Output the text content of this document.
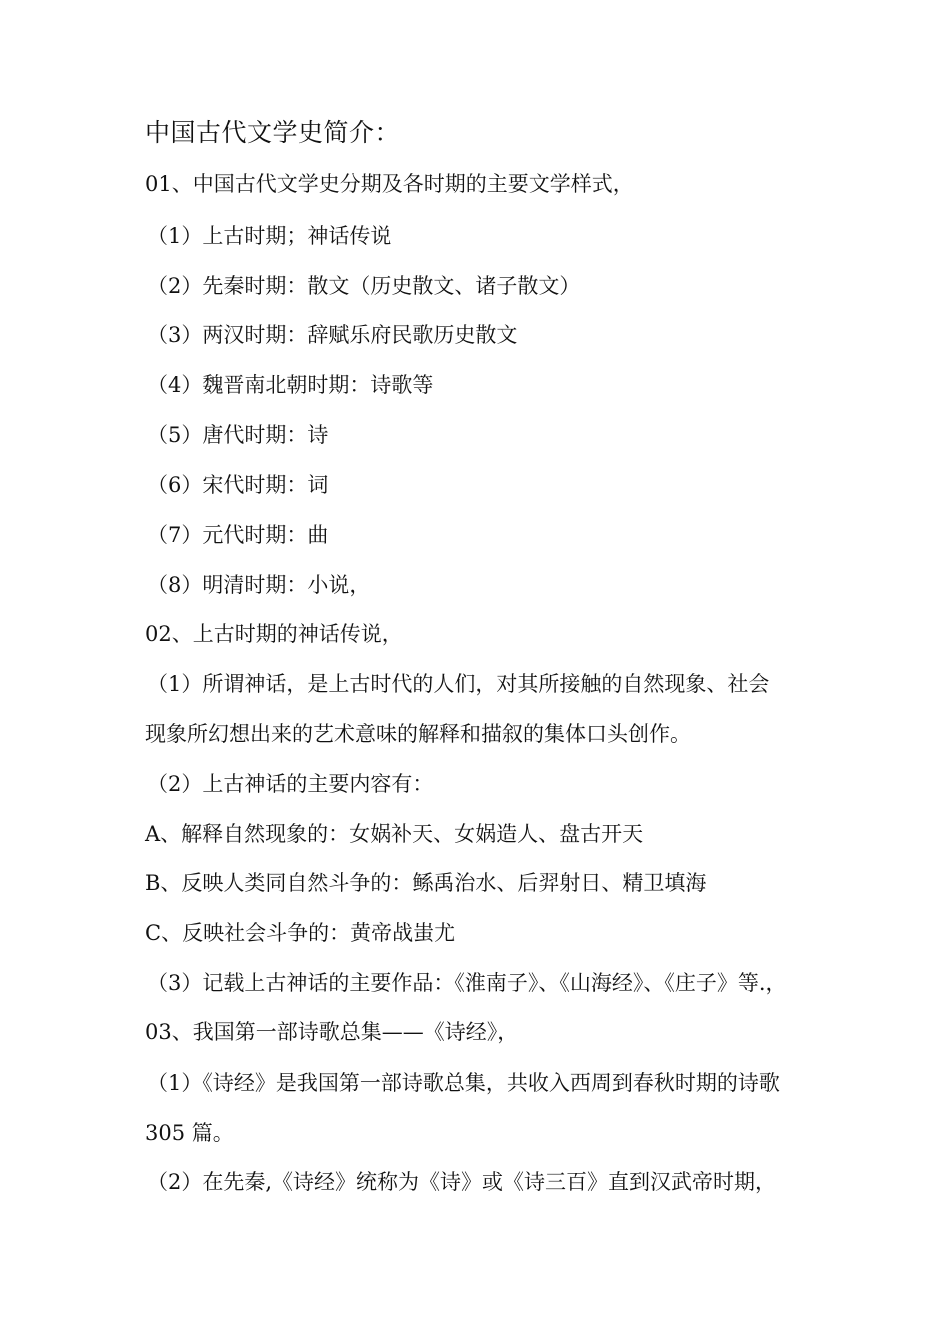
中国古代文学史简介：
01、中国古代文学史分期及各时期的主要文学样式，
（1）上古时期；神话传说
（2）先秦时期：散文（历史散文、诸子散文）
（3）两汉时期：辞赋乐府民歌历史散文
（4）魏晋南北朝时期：诗歌等
（5）唐代时期：诗
（6）宋代时期：词
（7）元代时期：曲
（8）明清时期：小说，
02、上古时期的神话传说，
（1）所谓神话，是上古时代的人们，对其所接触的自然现象、社会
现象所幻想出来的艺术意味的解释和描叙的集体口头创作。
（2）上古神话的主要内容有：
A、解释自然现象的：女娲补天、女娲造人、盘古开天
B、反映人类同自然斗争的：鲧禹治水、后羿射日、精卫填海
C、反映社会斗争的：黄帝战蚩尤
（3）记载上古神话的主要作品：《淮南子》、《山海经》、《庄子》等.，
03、我国第一部诗歌总集——《诗经》，
（1）《诗经》是我国第一部诗歌总集，共收入西周到春秋时期的诗歌
305 篇。
（2）在先秦,《诗经》统称为《诗》或《诗三百》直到汉武帝时期，
